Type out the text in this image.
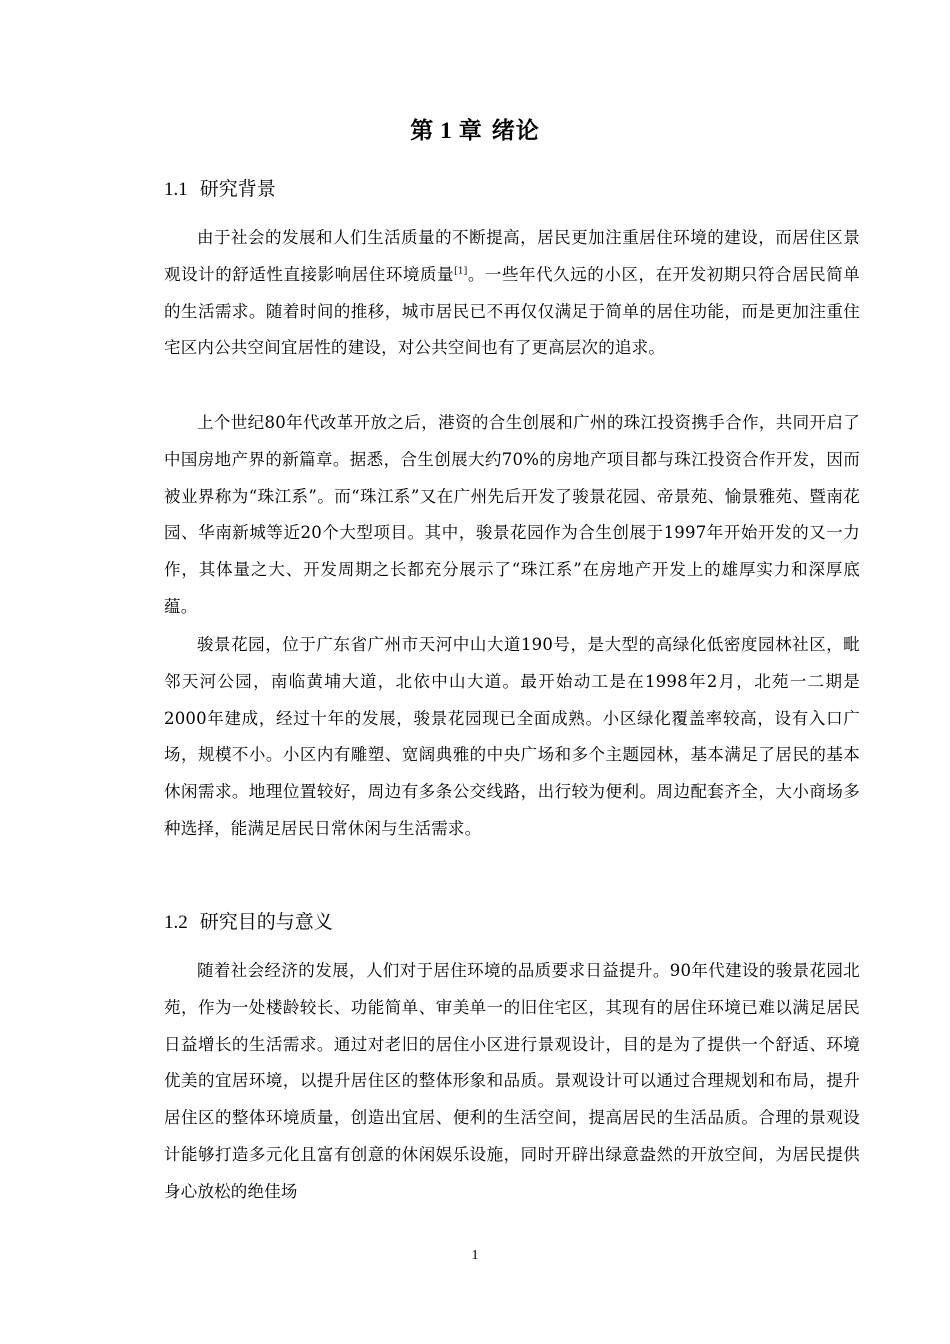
第 1 章 绪论
1.1 研究背景

由于社会的发展和人们生活质量的不断提高，居民更加注重居住环境的建设，而居住区景观设计的舒适性直接影响居住环境质量[1]。一些年代久远的小区，在开发初期只符合居民简单的生活需求。随着时间的推移，城市居民已不再仅仅满足于简单的居住功能，而是更加注重住宅区内公共空间宜居性的建设，对公共空间也有了更高层次的追求。

上个世纪80年代改革开放之后，港资的合生创展和广州的珠江投资携手合作，共同开启了中国房地产界的新篇章。据悉，合生创展大约70%的房地产项目都与珠江投资合作开发，因而被业界称为“珠江系”。而“珠江系”又在广州先后开发了骏景花园、帝景苑、愉景雅苑、暨南花园、华南新城等近20个大型项目。其中，骏景花园作为合生创展于1997年开始开发的又一力作，其体量之大、开发周期之长都充分展示了“珠江系”在房地产开发上的雄厚实力和深厚底蕴。

骏景花园，位于广东省广州市天河中山大道190号，是大型的高绿化低密度园林社区，毗邻天河公园，南临黄埔大道，北依中山大道。最开始动工是在1998年2月，北苑一二期是2000年建成，经过十年的发展，骏景花园现已全面成熟。小区绿化覆盖率较高，设有入口广场，规模不小。小区内有雕塑、宽阔典雅的中央广场和多个主题园林，基本满足了居民的基本休闲需求。地理位置较好，周边有多条公交线路，出行较为便利。周边配套齐全，大小商场多种选择，能满足居民日常休闲与生活需求。

1.2 研究目的与意义

随着社会经济的发展，人们对于居住环境的品质要求日益提升。90年代建设的骏景花园北苑，作为一处楼龄较长、功能简单、审美单一的旧住宅区，其现有的居住环境已难以满足居民日益增长的生活需求。通过对老旧的居住小区进行景观设计，目的是为了提供一个舒适、环境优美的宜居环境，以提升居住区的整体形象和品质。景观设计可以通过合理规划和布局，提升居住区的整体环境质量，创造出宜居、便利的生活空间，提高居民的生活品质。合理的景观设计能够打造多元化且富有创意的休闲娱乐设施，同时开辟出绿意盎然的开放空间，为居民提供身心放松的绝佳场

1
